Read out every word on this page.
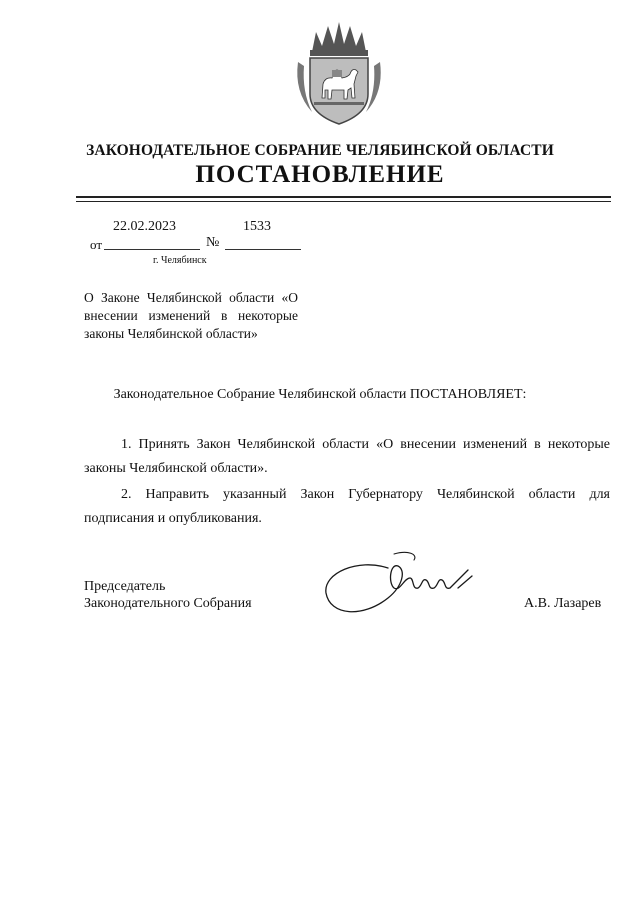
ЗАКОНОДАТЕЛЬНОЕ СОБРАНИЕ ЧЕЛЯБИНСКОЙ ОБЛАСТИ
ПОСТАНОВЛЕНИЕ
22.02.2023	1533
от	№
г. Челябинск
О Законе Челябинской области «О внесении изменений в некоторые законы Челябинской области»
Законодательное Собрание Челябинской области ПОСТАНОВЛЯЕТ:
1. Принять Закон Челябинской области «О внесении изменений в некоторые законы Челябинской области».
2. Направить указанный Закон Губернатору Челябинской области для подписания и опубликования.
Председатель
Законодательного Собрания	А.В. Лазарев
